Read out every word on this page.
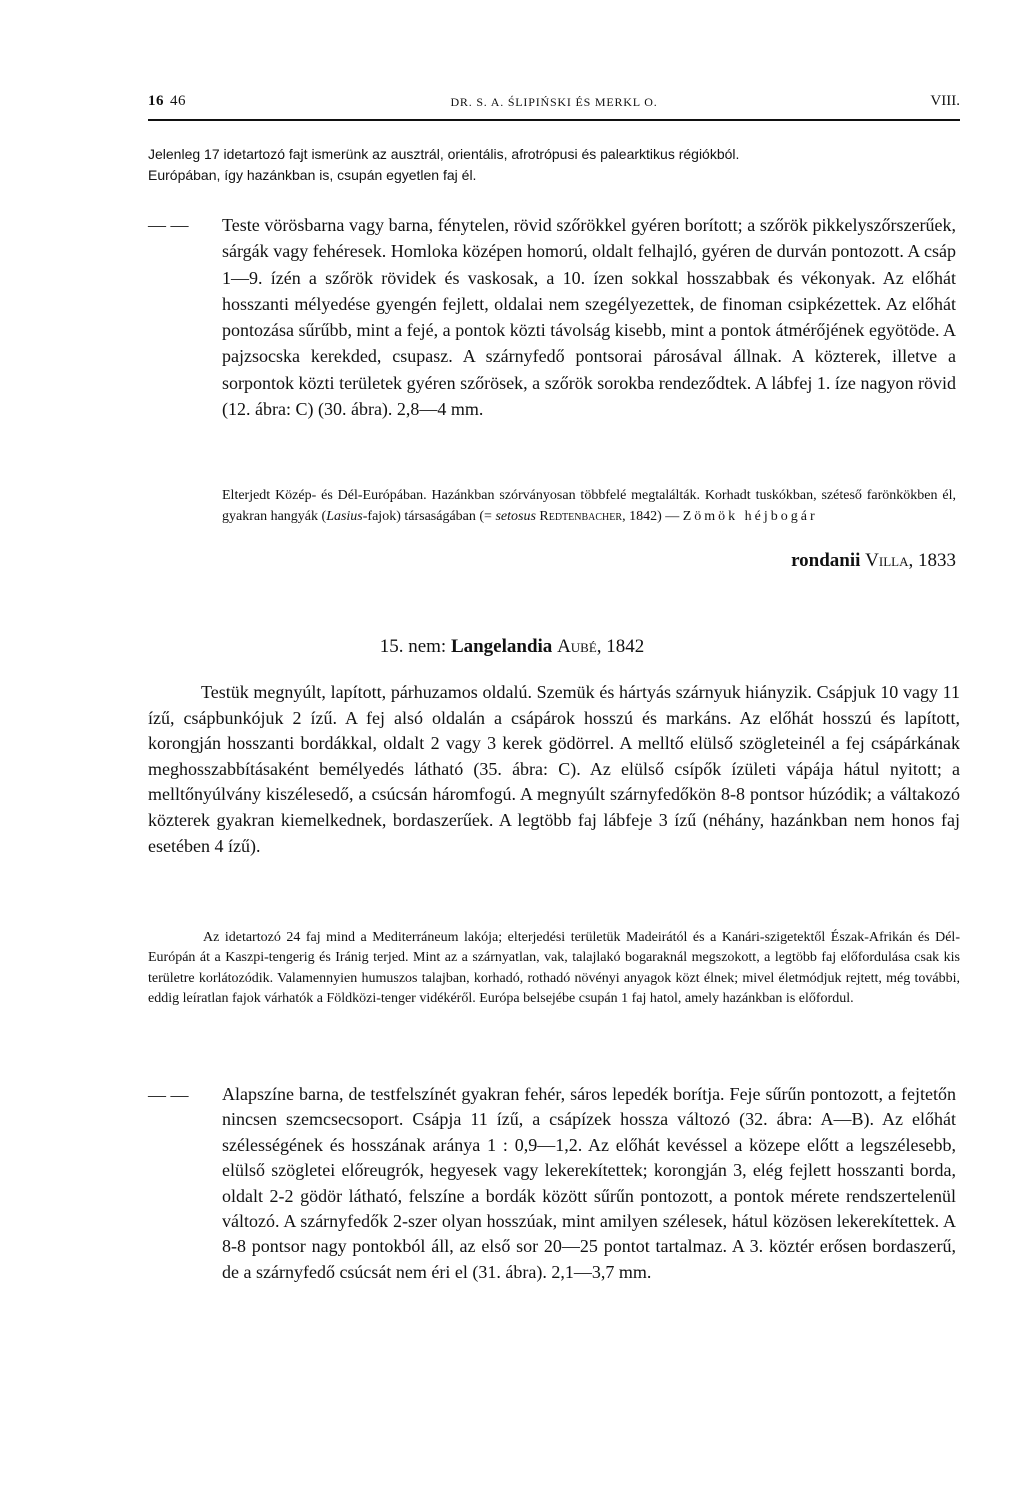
16 46	DR. S. A. ŚLIPIŃSKI ÉS MERKL O.	VIII.
Jelenleg 17 idetartozó fajt ismerünk az ausztrál, orientális, afrotrópusi és palearktikus régiókból.
Európában, így hazánkban is, csupán egyetlen faj él.
— — Teste vörösbarna vagy barna, fénytelen, rövid szőrökkel gyéren borított; a szőrök pikkelyszőrszerűek, sárgák vagy fehéresek. Homloka középen homorú, oldalt felhajló, gyéren de durván pontozott. A csáp 1—9. ízén a szőrök rövidek és vaskosak, a 10. ízen sokkal hosszabbak és vékonyak. Az előhát hosszanti mélyedése gyengén fejlett, oldalai nem szegélyezettek, de finoman csipkézettek. Az előhát pontozása sűrűbb, mint a fejé, a pontok közti távolság kisebb, mint a pontok átmérőjének egyötöde. A pajzsocska kerekded, csupasz. A szárnyfedő pontsorai párosával állnak. A közterek, illetve a sorpontok közti területek gyéren szőrösek, a szőrök sorokba rendeződtek. A lábfej 1. íze nagyon rövid (12. ábra: C) (30. ábra). 2,8—4 mm.

Elterjedt Közép- és Dél-Európában. Hazánkban szórványosan többfelé megtalálták. Korhadt tuskókban, széteső farönkökben él, gyakran hangyák (Lasius-fajok) társaságában (= setosus Redtenbacher, 1842) — Zömök héjbogár

rondanii Villa, 1833
15. nem: Langelandia Aubé, 1842

Testük megnyúlt, lapított, párhuzamos oldalú. Szemük és hártyás szárnyuk hiányzik. Csápjuk 10 vagy 11 ízű, csápbunkójuk 2 ízű. A fej alsó oldalán a csápárok hosszú és markáns. Az előhát hosszú és lapított, korongján hosszanti bordákkal, oldalt 2 vagy 3 kerek gödörrel. A melltő elülső szögleteinél a fej csápárkának meghosszabbításaként bemélyedés látható (35. ábra: C). Az elülső csípők ízületi vápája hátul nyitott; a melltőnyúlvány kiszélesedő, a csúcsán háromfogú. A megnyúlt szárnyfedőkön 8-8 pontsor húzódik; a váltakozó közterek gyakran kiemelkednek, bordaszerűek. A legtöbb faj lábfeje 3 ízű (néhány, hazánkban nem honos faj esetében 4 ízű).

Az idetartozó 24 faj mind a Mediterráneum lakója; elterjedési területük Madeirától és a Kanári-szigetektől Észak-Afrikán és Dél-Európán át a Kaszpi-tengerig és Iránig terjed. Mint az a szárnyatlan, vak, talajlakó bogaraknál megszokott, a legtöbb faj előfordulása csak kis területre korlátozódik. Valamennyien humuszos talajban, korhadó, rothadó növényi anyagok közt élnek; mivel életmódjuk rejtett, még további, eddig leíratlan fajok várhatók a Földközi-tenger vidékéről. Európa belsejébe csupán 1 faj hatol, amely hazánkban is előfordul.

— — Alapszíne barna, de testfelszínét gyakran fehér, sáros lepedék borítja. Feje sűrűn pontozott, a fejtetőn nincsen szemcsecsoport. Csápja 11 ízű, a csápízek hossza változó (32. ábra: A—B). Az előhát szélességének és hosszának aránya 1 : 0,9—1,2. Az előhát kevéssel a közepe előtt a legszélesebb, elülső szögletei előreugrók, hegyesek vagy lekerekítettek; korongján 3, elég fejlett hosszanti borda, oldalt 2-2 gödör látható, felszíne a bordák között sűrűn pontozott, a pontok mérete rendszertelenül változó. A szárnyfedők 2-szer olyan hosszúak, mint amilyen szélesek, hátul közösen lekerekítettek. A 8-8 pontsor nagy pontokból áll, az első sor 20—25 pontot tartalmaz. A 3. köztér erősen bordaszerű, de a szárnyfedő csúcsát nem éri el (31. ábra). 2,1—3,7 mm.
